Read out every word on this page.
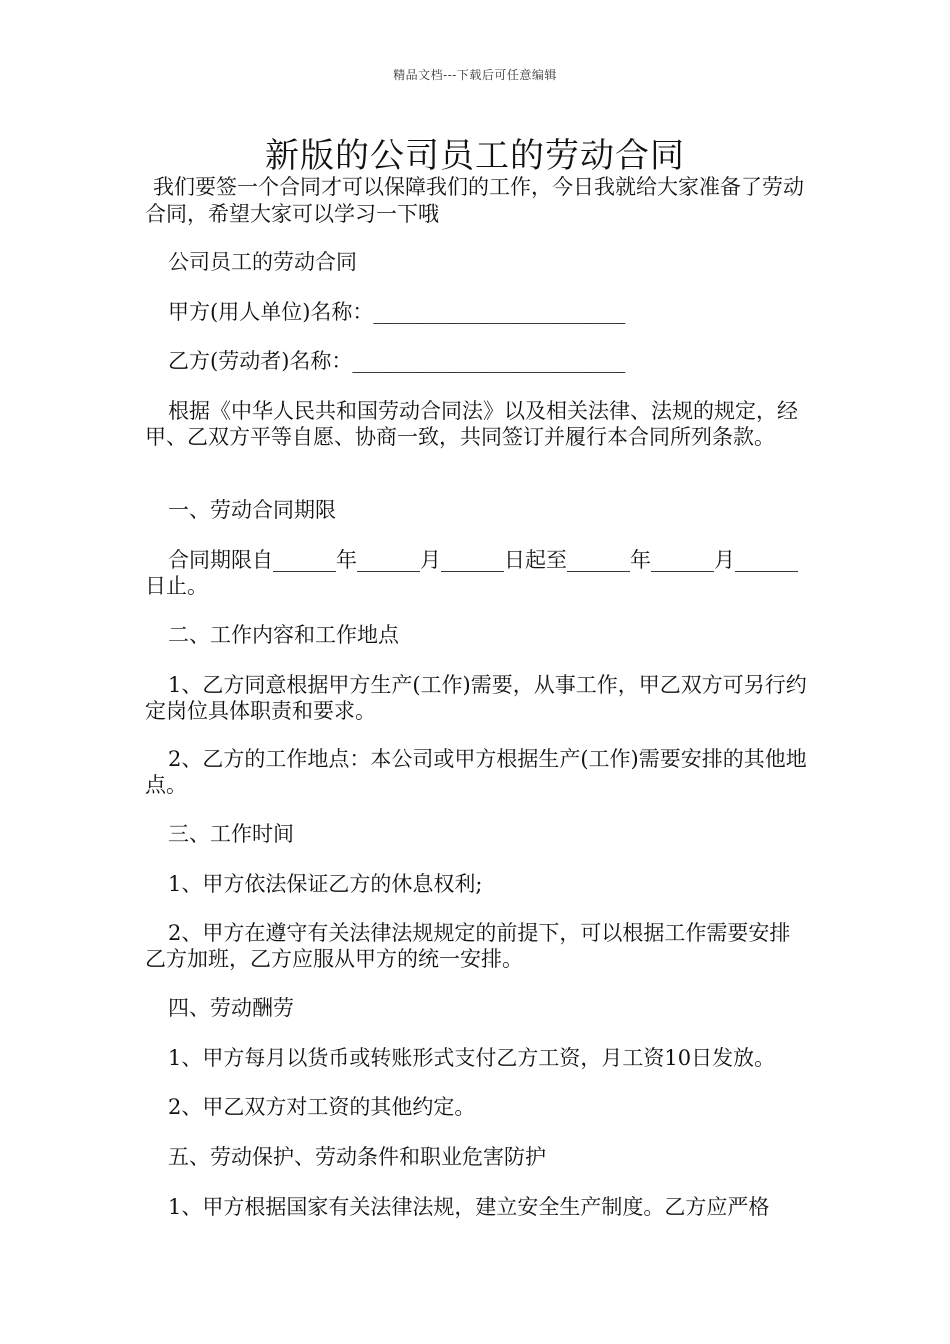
精品文档---下载后可任意编辑
新版的公司员工的劳动合同

我们要签一个合同才可以保障我们的工作，今日我就给大家准备了劳动合同，希望大家可以学习一下哦

公司员工的劳动合同

甲方(用人单位)名称：________________________

乙方(劳动者)名称：__________________________

根据《中华人民共和国劳动合同法》以及相关法律、法规的规定，经甲、乙双方平等自愿、协商一致，共同签订并履行本合同所列条款。

一、劳动合同期限

合同期限自______年______月______日起至______年______月______日止。

二、工作内容和工作地点

1、乙方同意根据甲方生产(工作)需要，从事工作，甲乙双方可另行约定岗位具体职责和要求。

2、乙方的工作地点：本公司或甲方根据生产(工作)需要安排的其他地点。

三、工作时间

1、甲方依法保证乙方的休息权利;

2、甲方在遵守有关法律法规规定的前提下，可以根据工作需要安排乙方加班，乙方应服从甲方的统一安排。

四、劳动酬劳

1、甲方每月以货币或转账形式支付乙方工资，月工资10日发放。

2、甲乙双方对工资的其他约定。

五、劳动保护、劳动条件和职业危害防护

1、甲方根据国家有关法律法规，建立安全生产制度。乙方应严格
